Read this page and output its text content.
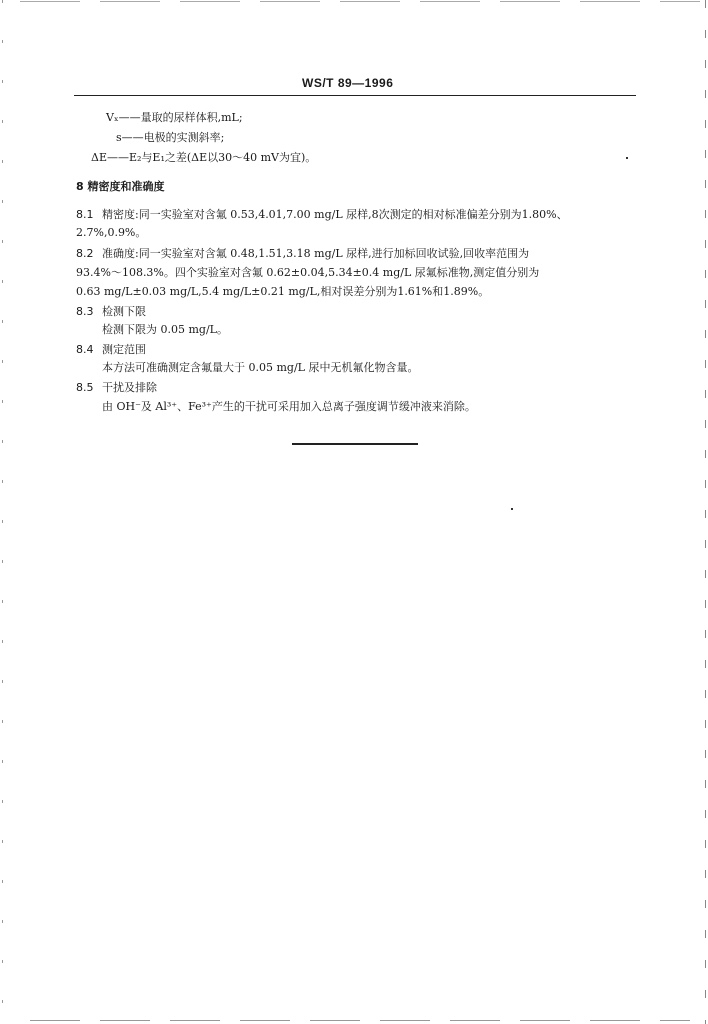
WS/T 89—1996
Vₓ——量取的尿样体积,mL;
s——电极的实测斜率;
ΔE——E₂与E₁之差(ΔE以30～40 mV为宜)。
8 精密度和准确度
8.1 精密度:同一实验室对含氟 0.53,4.01,7.00 mg/L 尿样,8次测定的相对标准偏差分别为1.80%、
2.7%,0.9%。
8.2 准确度:同一实验室对含氟 0.48,1.51,3.18 mg/L 尿样,进行加标回收试验,回收率范围为
93.4%～108.3%。四个实验室对含氟 0.62±0.04,5.34±0.4 mg/L 尿氟标准物,测定值分别为
0.63 mg/L±0.03 mg/L,5.4 mg/L±0.21 mg/L,相对误差分别为1.61%和1.89%。
8.3 检测下限
检测下限为 0.05 mg/L。
8.4 测定范围
本方法可准确测定含氟量大于 0.05 mg/L 尿中无机氟化物含量。
8.5 干扰及排除
由 OH⁻及 Al³⁺、Fe³⁺产生的干扰可采用加入总离子强度调节缓冲液来消除。
